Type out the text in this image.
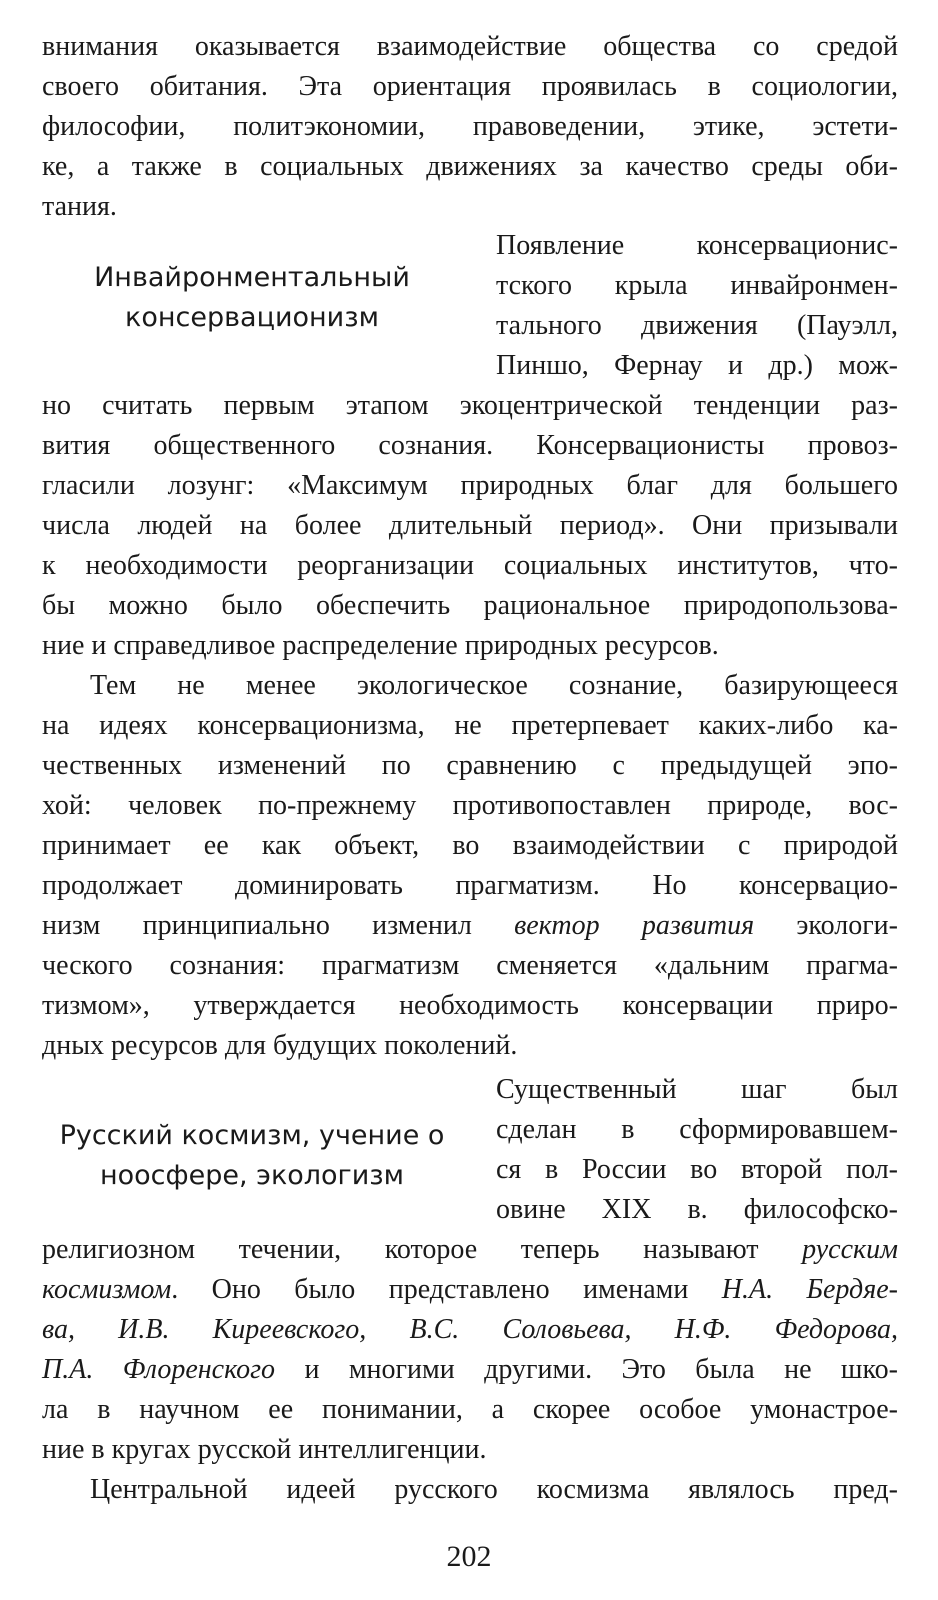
внимания оказывается взаимодействие общества со средой
своего обитания. Эта ориентация проявилась в социологии,
философии, политэкономии, правоведении, этике, эстети-
ке, а также в социальных движениях за качество среды оби-
тания.
Инвайронментальный
консервационизм
Появление консервационис-
тского крыла инвайронмен-
тального движения (Пауэлл,
Пиншо, Фернау и др.) мож-
но считать первым этапом экоцентрической тенденции раз-
вития общественного сознания. Консервационисты провоз-
гласили лозунг: «Максимум природных благ для большего
числа людей на более длительный период». Они призывали
к необходимости реорганизации социальных институтов, что-
бы можно было обеспечить рациональное природопользова-
ние и справедливое распределение природных ресурсов.
Тем не менее экологическое сознание, базирующееся
на идеях консервационизма, не претерпевает каких-либо ка-
чественных изменений по сравнению с предыдущей эпо-
хой: человек по-прежнему противопоставлен природе, вос-
принимает ее как объект, во взаимодействии с природой
продолжает доминировать прагматизм. Но консервацио-
низм принципиально изменил вектор развития экологи-
ческого сознания: прагматизм сменяется «дальним прагма-
тизмом», утверждается необходимость консервации приро-
дных ресурсов для будущих поколений.
Русский космизм, учение о
ноосфере, экологизм
Существенный шаг был
сделан в сформировавшем-
ся в России во второй пол-
овине XIX в. философско-
религиозном течении, которое теперь называют русским
космизмом. Оно было представлено именами Н.А. Бердяе-
ва, И.В. Киреевского, В.С. Соловьева, Н.Ф. Федорова,
П.А. Флоренского и многими другими. Это была не шко-
ла в научном ее понимании, а скорее особое умонастрое-
ние в кругах русской интеллигенции.
Центральной идеей русского космизма являлось пред-
202
